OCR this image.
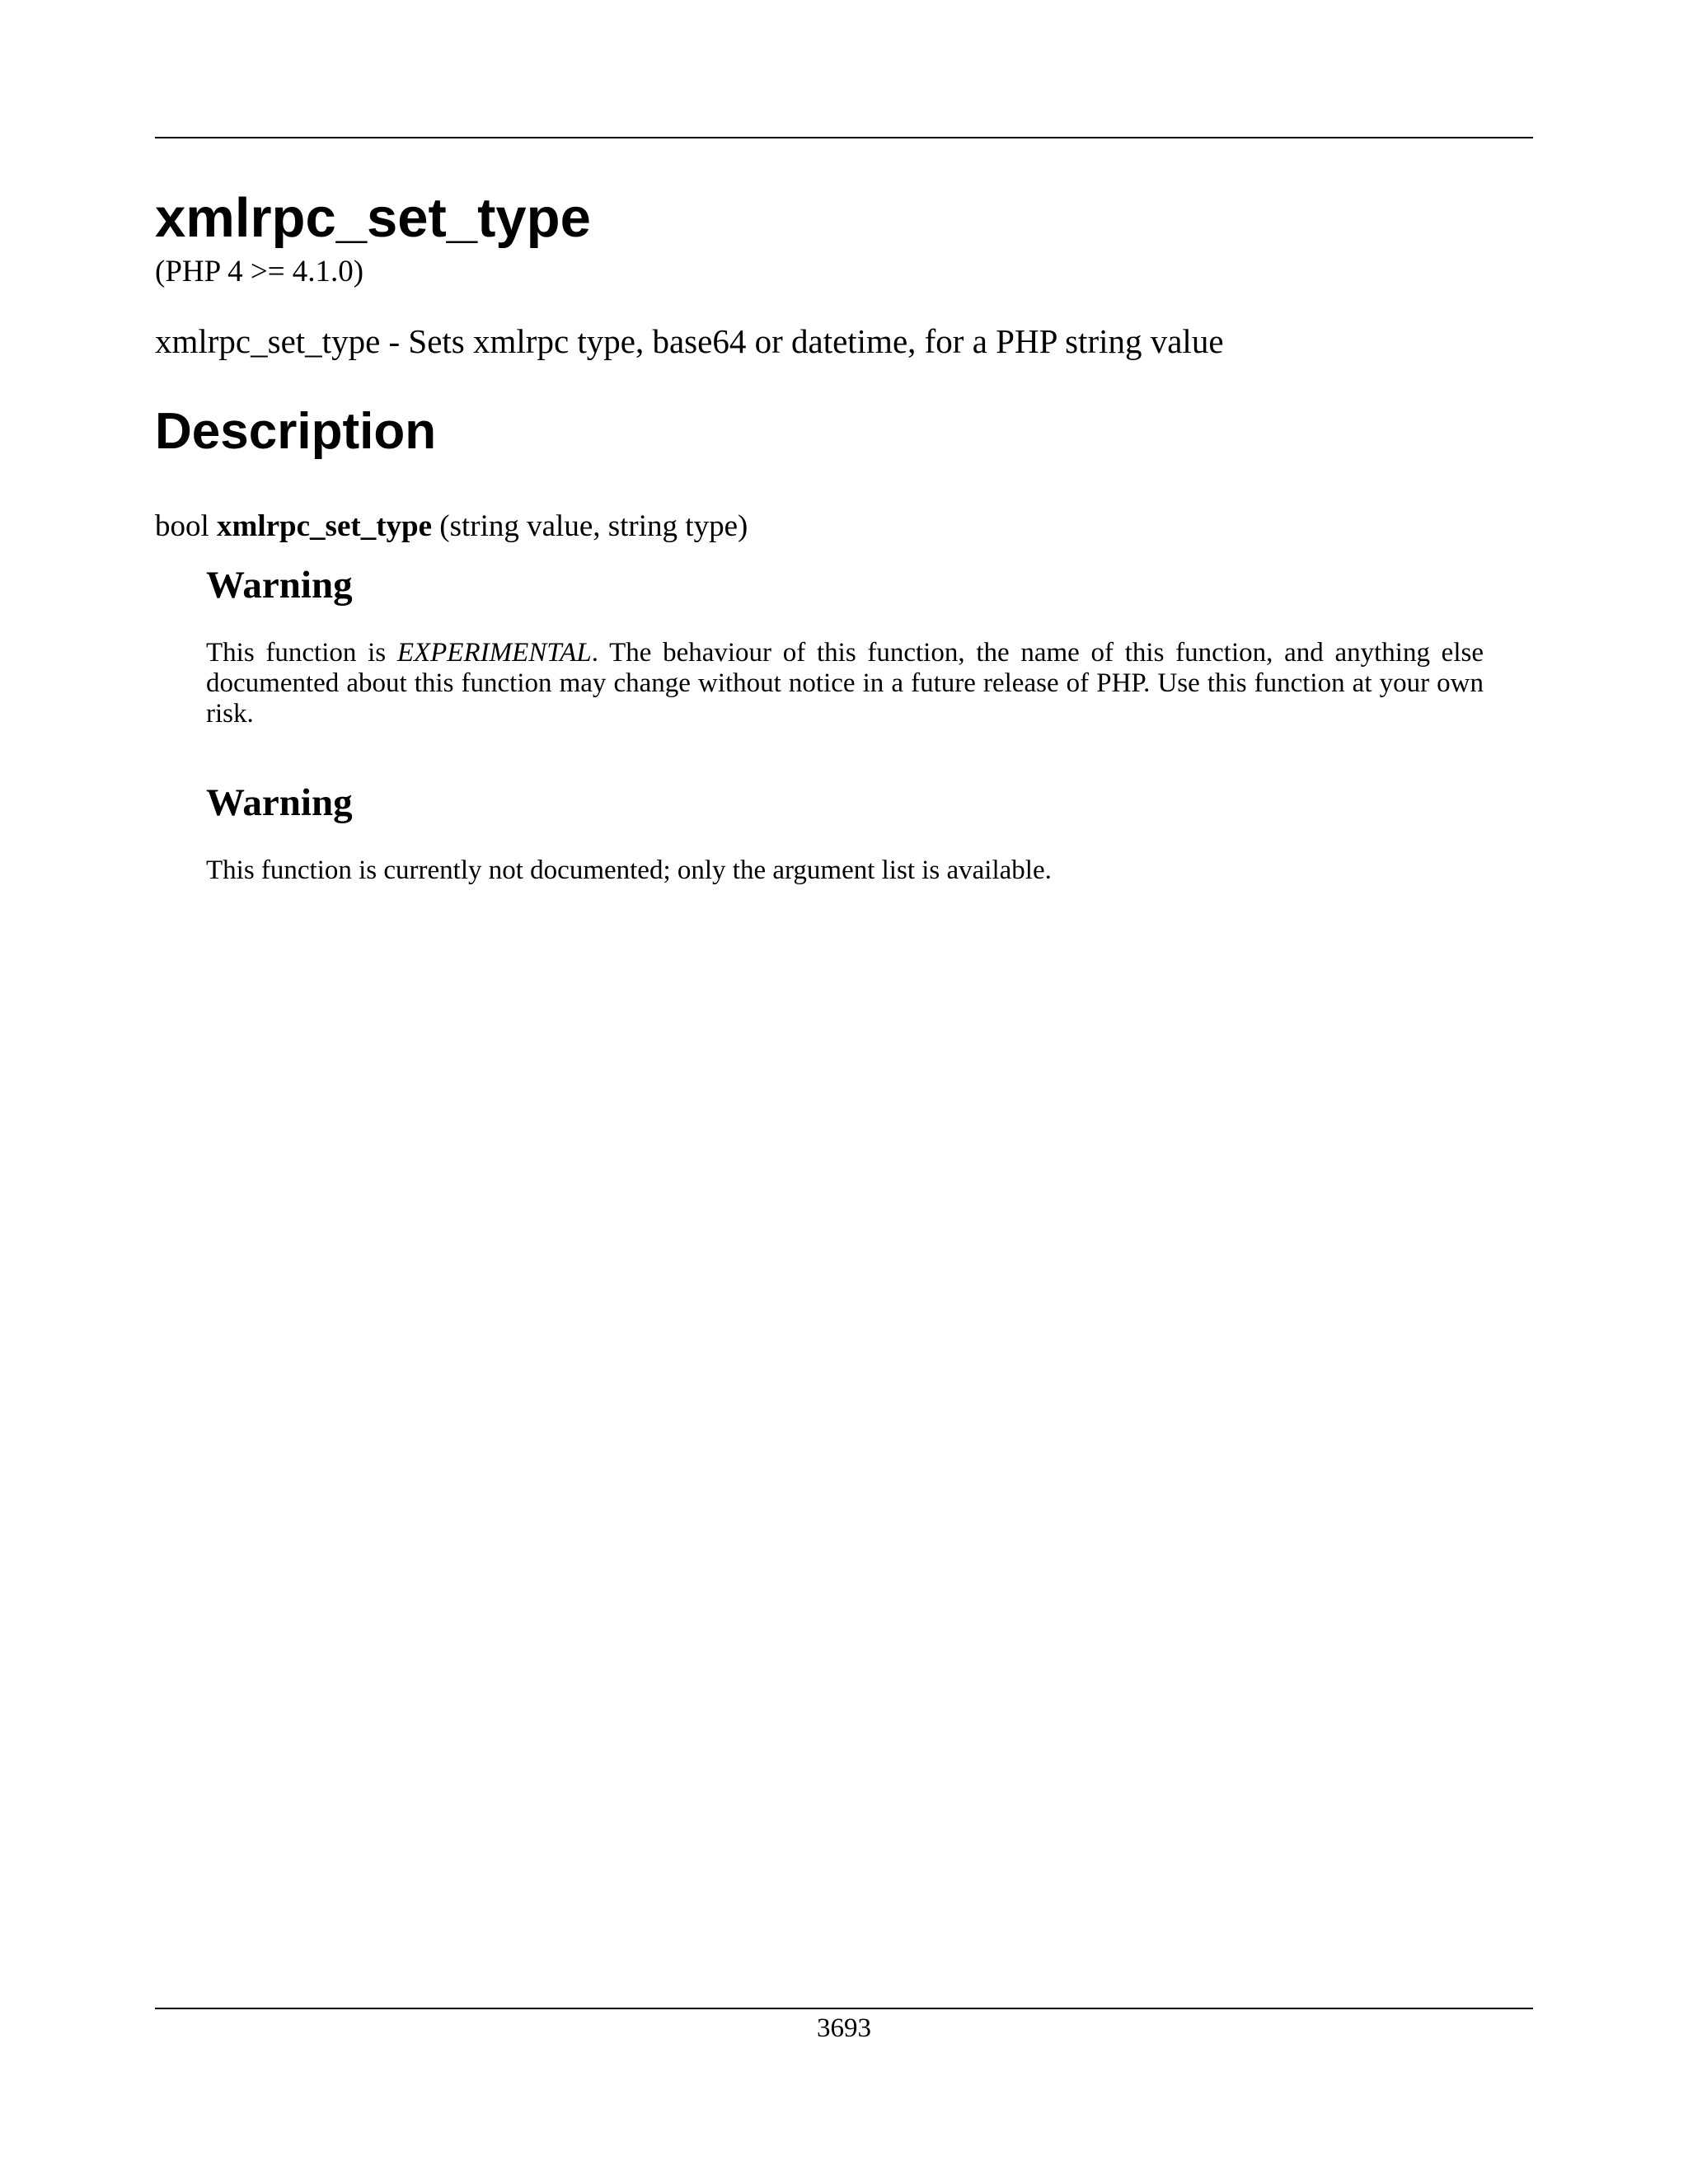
xmlrpc_set_type
(PHP 4 >= 4.1.0)
xmlrpc_set_type - Sets xmlrpc type, base64 or datetime, for a PHP string value
Description
bool xmlrpc_set_type (string value, string type)
Warning

This function is EXPERIMENTAL. The behaviour of this function, the name of this function, and anything else documented about this function may change without notice in a future release of PHP. Use this function at your own risk.

Warning

This function is currently not documented; only the argument list is available.

3693
